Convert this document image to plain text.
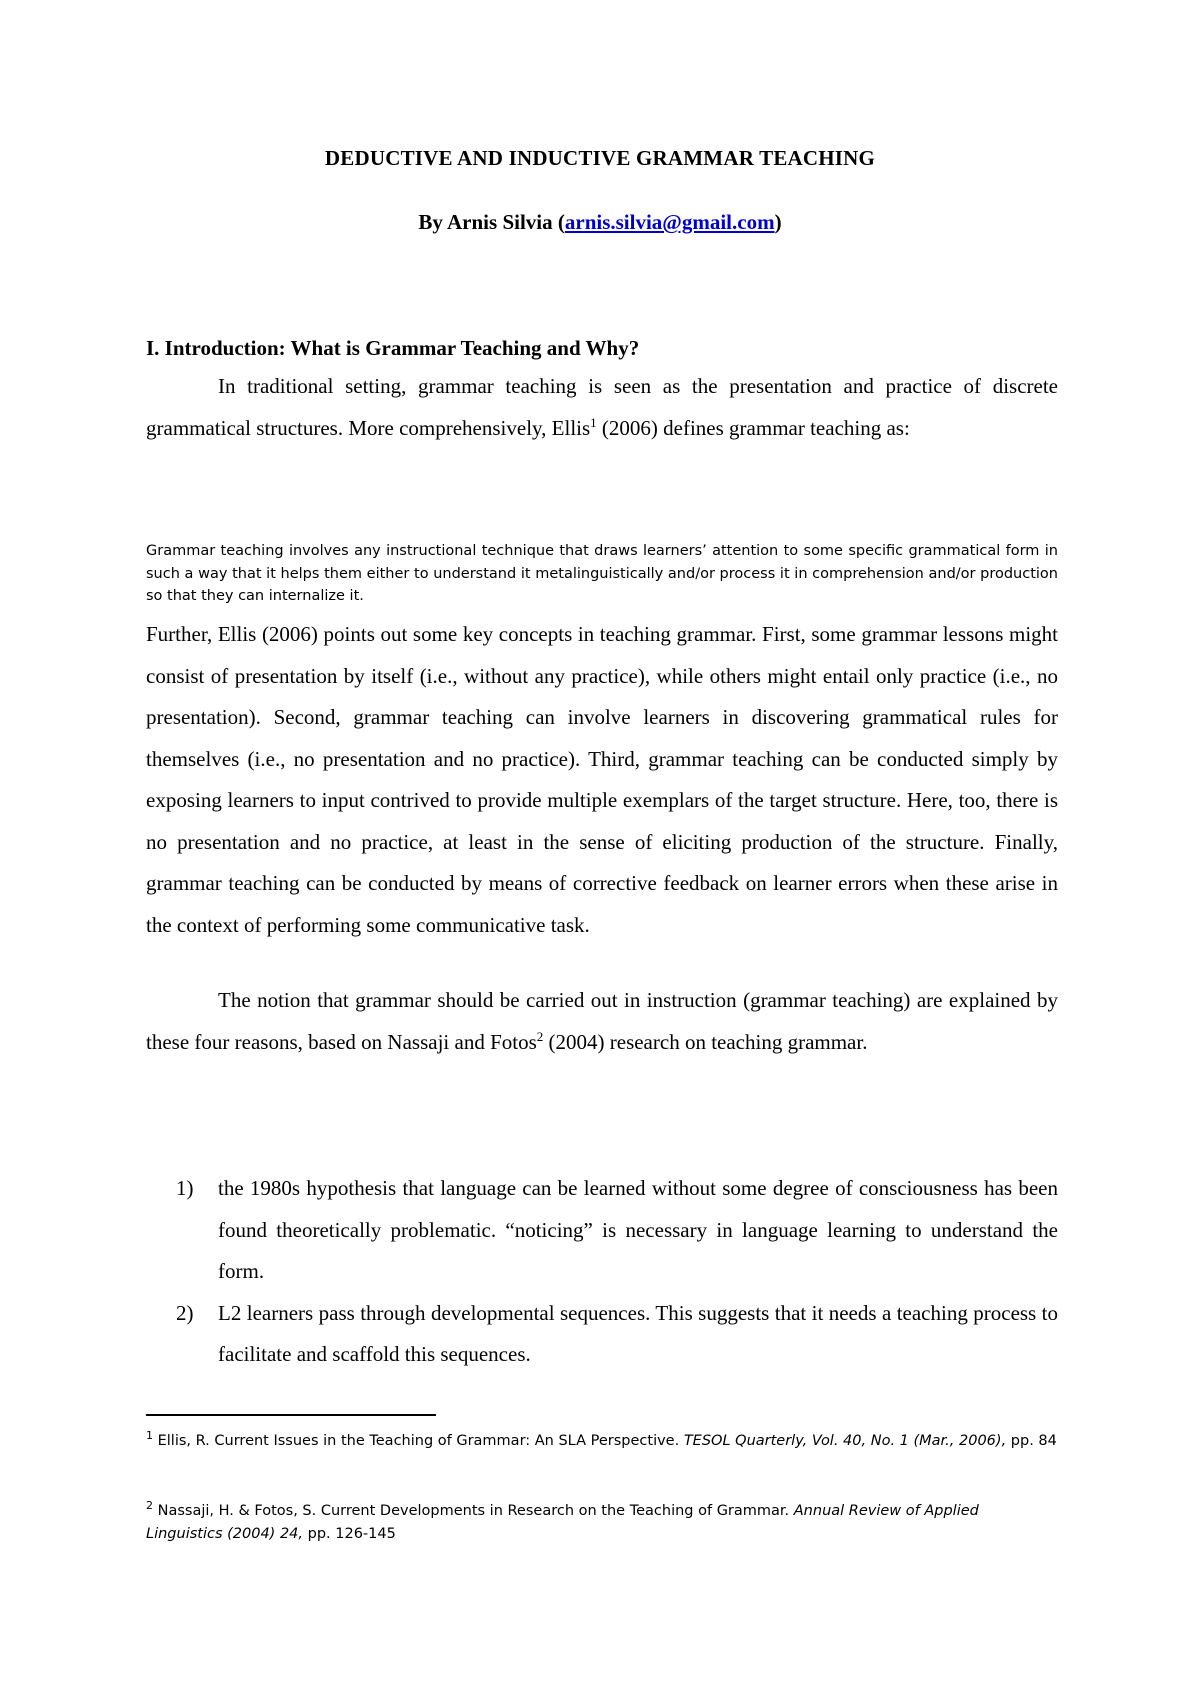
DEDUCTIVE AND INDUCTIVE GRAMMAR TEACHING
By Arnis Silvia (arnis.silvia@gmail.com)
I. Introduction: What is Grammar Teaching and Why?

In traditional setting, grammar teaching is seen as the presentation and practice of discrete grammatical structures. More comprehensively, Ellis$^1$ (2006) defines grammar teaching as:

Grammar teaching involves any instructional technique that draws learners’ attention to some specific grammatical form in such a way that it helps them either to understand it metalinguistically and/or process it in comprehension and/or production so that they can internalize it.

Further, Ellis (2006) points out some key concepts in teaching grammar. First, some grammar lessons might consist of presentation by itself (i.e., without any practice), while others might entail only practice (i.e., no presentation). Second, grammar teaching can involve learners in discovering grammatical rules for themselves (i.e., no presentation and no practice). Third, grammar teaching can be conducted simply by exposing learners to input contrived to provide multiple exemplars of the target structure. Here, too, there is no presentation and no practice, at least in the sense of eliciting production of the structure. Finally, grammar teaching can be conducted by means of corrective feedback on learner errors when these arise in the context of performing some communicative task.

The notion that grammar should be carried out in instruction (grammar teaching) are explained by these four reasons, based on Nassaji and Fotos$^2$ (2004) research on teaching grammar.

1) the 1980s hypothesis that language can be learned without some degree of consciousness has been found theoretically problematic. “noticing” is necessary in language learning to understand the form.
2) L2 learners pass through developmental sequences. This suggests that it needs a teaching process to facilitate and scaffold this sequences.

$^1$ Ellis, R. Current Issues in the Teaching of Grammar: An SLA Perspective. TESOL Quarterly, Vol. 40, No. 1 (Mar., 2006), pp. 84

$^2$ Nassaji, H. & Fotos, S. Current Developments in Research on the Teaching of Grammar. Annual Review of Applied Linguistics (2004) 24, pp. 126-145
